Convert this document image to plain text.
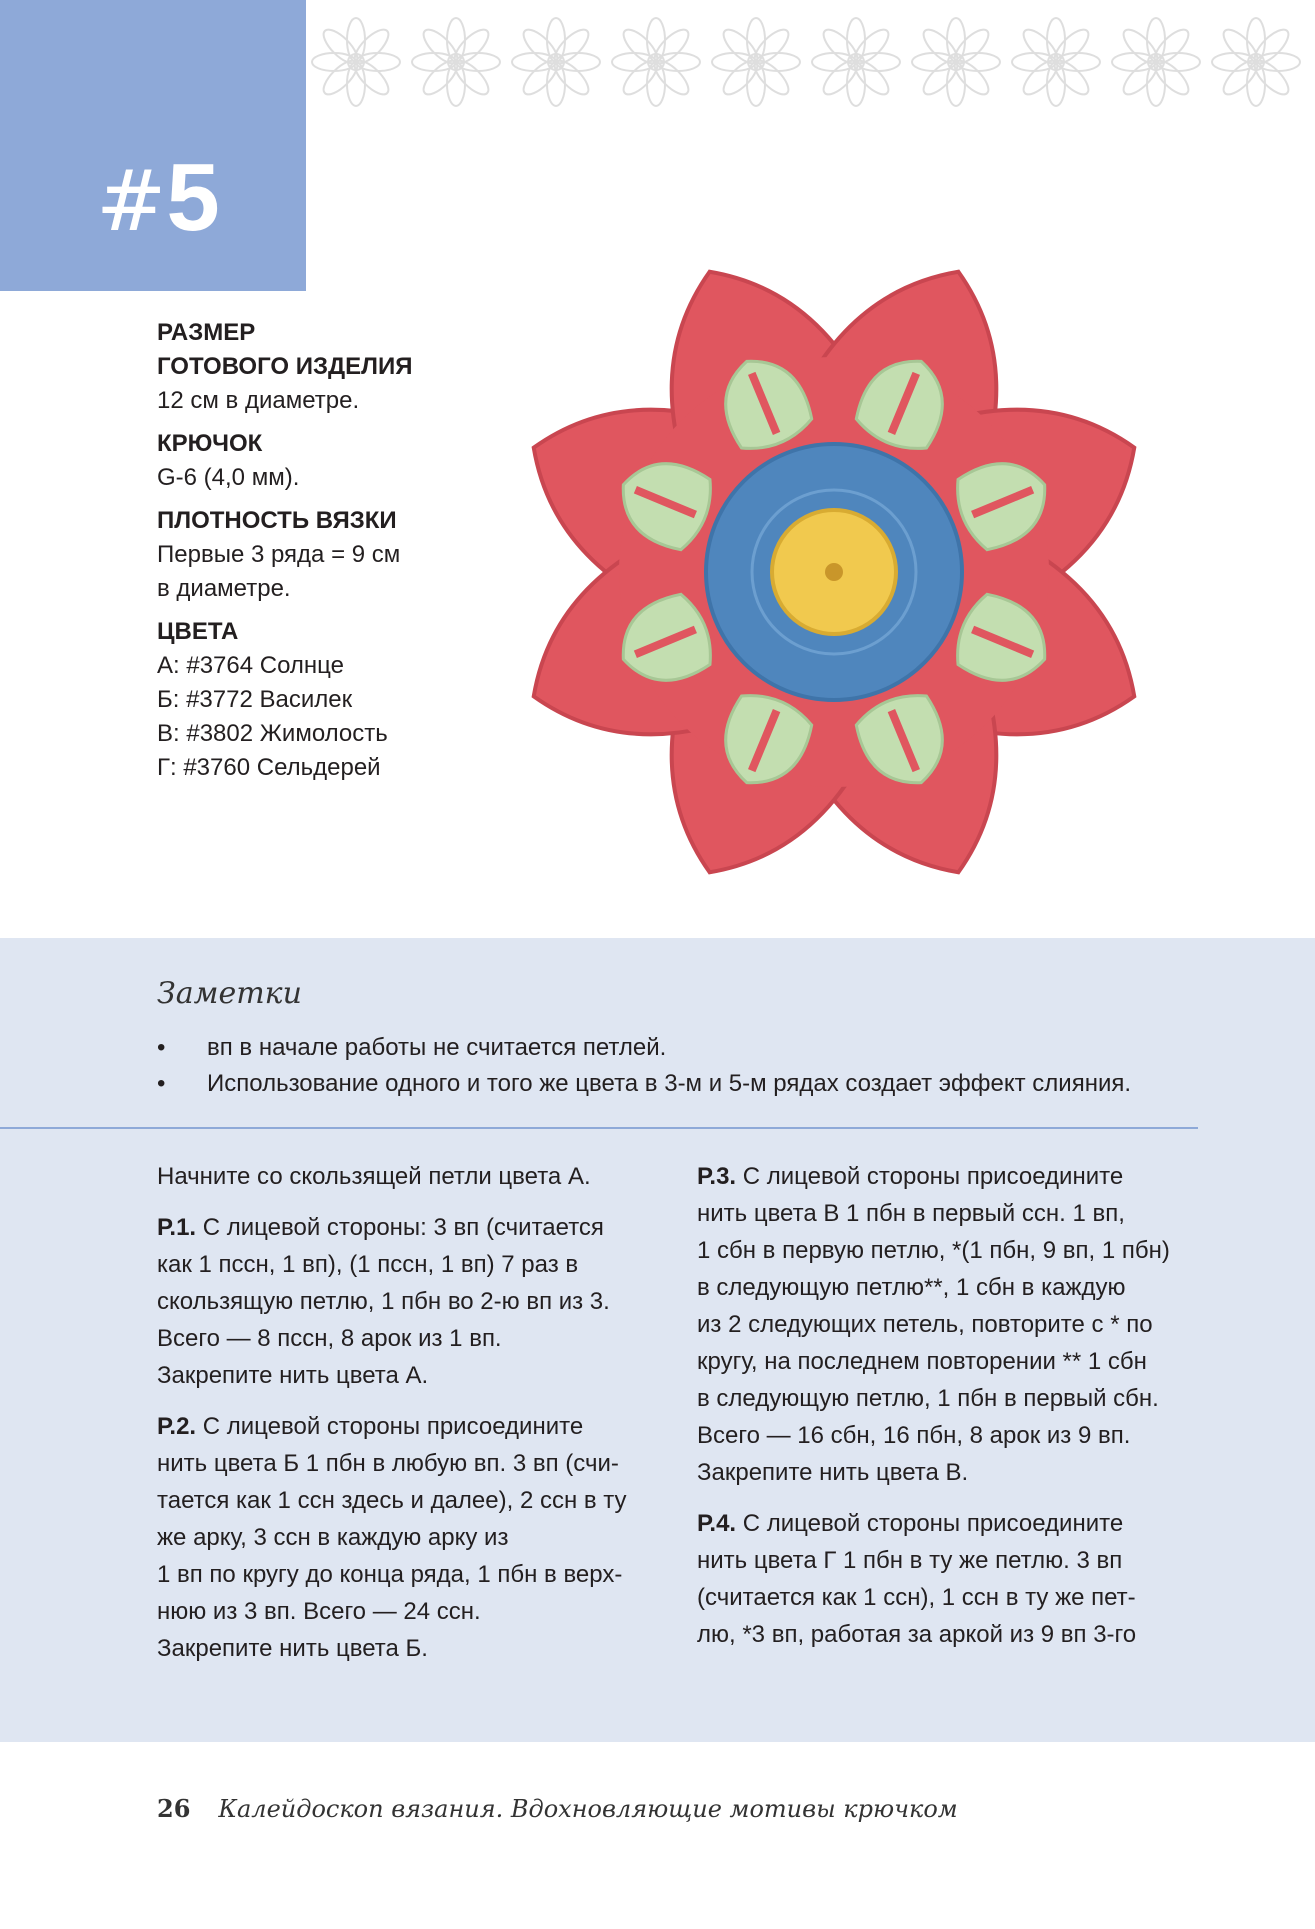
#5
РАЗМЕР
ГОТОВОГО ИЗДЕЛИЯ
12 см в диаметре.
КРЮЧОК
G-6 (4,0 мм).
ПЛОТНОСТЬ ВЯЗКИ
Первые 3 ряда = 9 см
в диаметре.
ЦВЕТА
А: #3764 Солнце
Б: #3772 Василек
В: #3802 Жимолость
Г: #3760 Сельдерей
Заметки
• вп в начале работы не считается петлей.
• Использование одного и того же цвета в 3-м и 5-м рядах создает эффект слияния.

Начните со скользящей петли цвета А.

Р.1. С лицевой стороны: 3 вп (считается
как 1 пссн, 1 вп), (1 пссн, 1 вп) 7 раз в
скользящую петлю, 1 пбн во 2-ю вп из 3.
Всего — 8 пссн, 8 арок из 1 вп.
Закрепите нить цвета А.

Р.2. С лицевой стороны присоедините
нить цвета Б 1 пбн в любую вп. 3 вп (счи-
тается как 1 ссн здесь и далее), 2 ссн в ту
же арку, 3 ссн в каждую арку из
1 вп по кругу до конца ряда, 1 пбн в верх-
нюю из 3 вп. Всего — 24 ссн.
Закрепите нить цвета Б.

Р.3. С лицевой стороны присоедините
нить цвета В 1 пбн в первый ссн. 1 вп,
1 сбн в первую петлю, *(1 пбн, 9 вп, 1 пбн)
в следующую петлю**, 1 сбн в каждую
из 2 следующих петель, повторите с * по
кругу, на последнем повторении ** 1 сбн
в следующую петлю, 1 пбн в первый сбн.
Всего — 16 сбн, 16 пбн, 8 арок из 9 вп.
Закрепите нить цвета В.

Р.4. С лицевой стороны присоедините
нить цвета Г 1 пбн в ту же петлю. 3 вп
(считается как 1 ссн), 1 ссн в ту же пет-
лю, *3 вп, работая за аркой из 9 вп 3-го

26 Калейдоскоп вязания. Вдохновляющие мотивы крючком
